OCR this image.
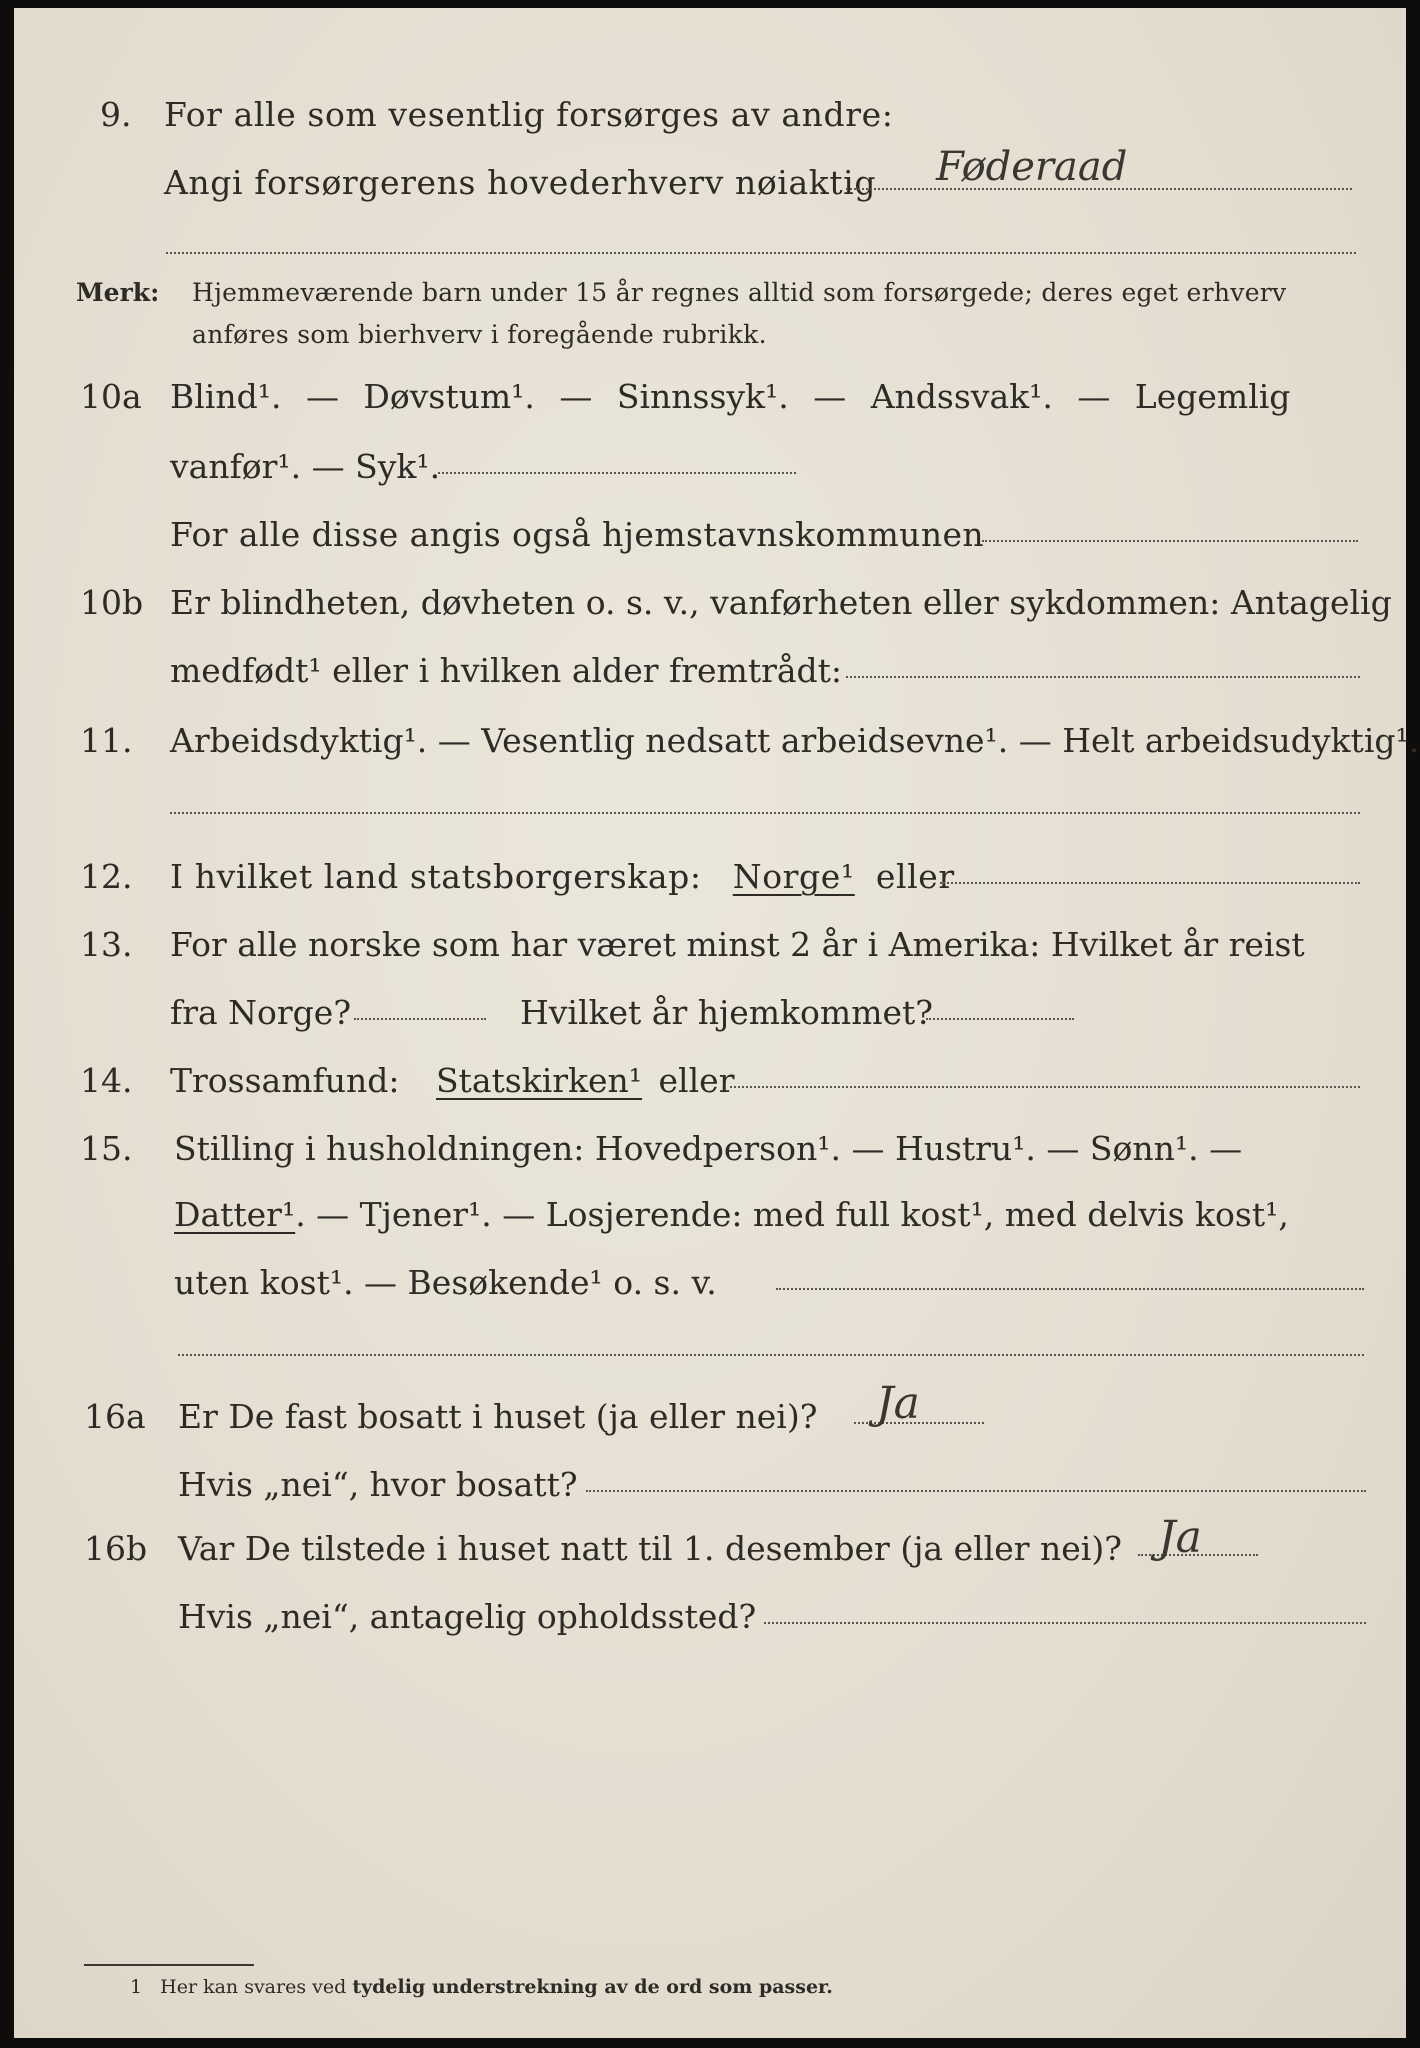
9. For alle som vesentlig forsørges av andre:
Angi forsørgerens hovederhverv nøiaktig Føderaad
Merk: Hjemmeværende barn under 15 år regnes alltid som forsørgede; deres eget erhverv
anføres som bierhverv i foregående rubrikk.
10a Blind¹. — Døvstum¹. — Sinnssyk¹. — Andssvak¹. — Legemlig
vanfør¹. — Syk¹.
For alle disse angis også hjemstavnskommunen
10b Er blindheten, døvheten o. s. v., vanførheten eller sykdommen: Antagelig
medfødt¹ eller i hvilken alder fremtrådt:
11. Arbeidsdyktig¹. — Vesentlig nedsatt arbeidsevne¹. — Helt arbeidsudyktig¹.
12. I hvilket land statsborgerskap: Norge¹ eller
13. For alle norske som har været minst 2 år i Amerika: Hvilket år reist
fra Norge?	Hvilket år hjemkommet?
14. Trossamfund: Statskirken¹ eller
15. Stilling i husholdningen: Hovedperson¹. — Hustru¹. — Sønn¹. —
Datter¹. — Tjener¹. — Losjerende: med full kost¹, med delvis kost¹,
uten kost¹. — Besøkende¹ o. s. v.
16a Er De fast bosatt i huset (ja eller nei)? Ja
Hvis „nei“, hvor bosatt?
16b Var De tilstede i huset natt til 1. desember (ja eller nei)? Ja
Hvis „nei“, antagelig opholdssted?
1 Her kan svares ved tydelig understrekning av de ord som passer.
